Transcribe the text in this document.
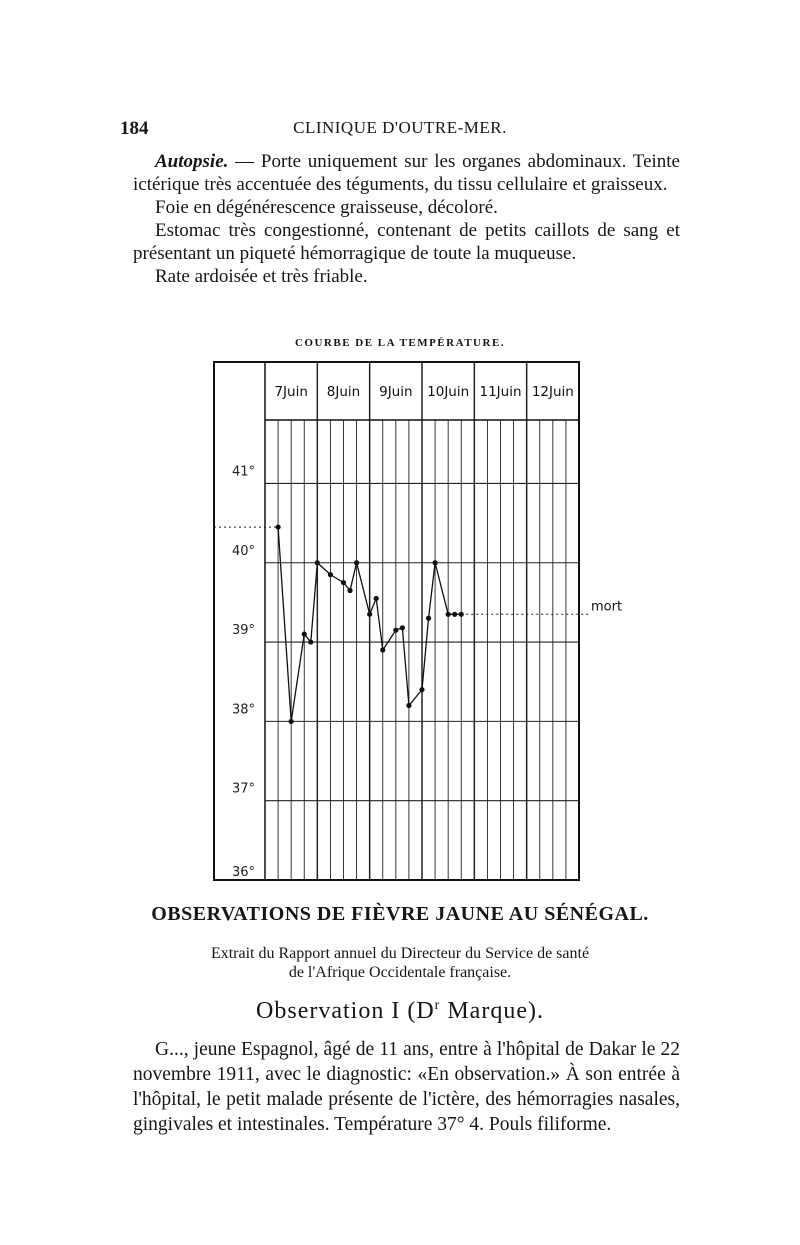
184	CLINIQUE D'OUTRE-MER.

Autopsie. — Porte uniquement sur les organes abdominaux. Teinte ictérique très accentuée des téguments, du tissu cellulaire et graisseux.

Foie en dégénérescence graisseuse, décoloré.

Estomac très congestionné, contenant de petits caillots de sang et présentant un piqueté hémorragique de toute la muqueuse.

Rate ardoisée et très friable.

COURBE DE LA TEMPÉRATURE.
7Juin 8Juin 9Juin 10Juin 11Juin 12Juin
41°
40°
39°
38°
37°
36°
mort
OBSERVATIONS DE FIÈVRE JAUNE AU SÉNÉGAL.
Extrait du Rapport annuel du Directeur du Service de santé
de l'Afrique Occidentale française.
Observation I ($D^r$ Marque).

G..., jeune Espagnol, âgé de 11 ans, entre à l'hôpital de Dakar le 22 novembre 1911, avec le diagnostic: «En observation.» À son entrée à l'hôpital, le petit malade présente de l'ictère, des hémorragies nasales, gingivales et intestinales. Température 37° 4. Pouls filiforme.
